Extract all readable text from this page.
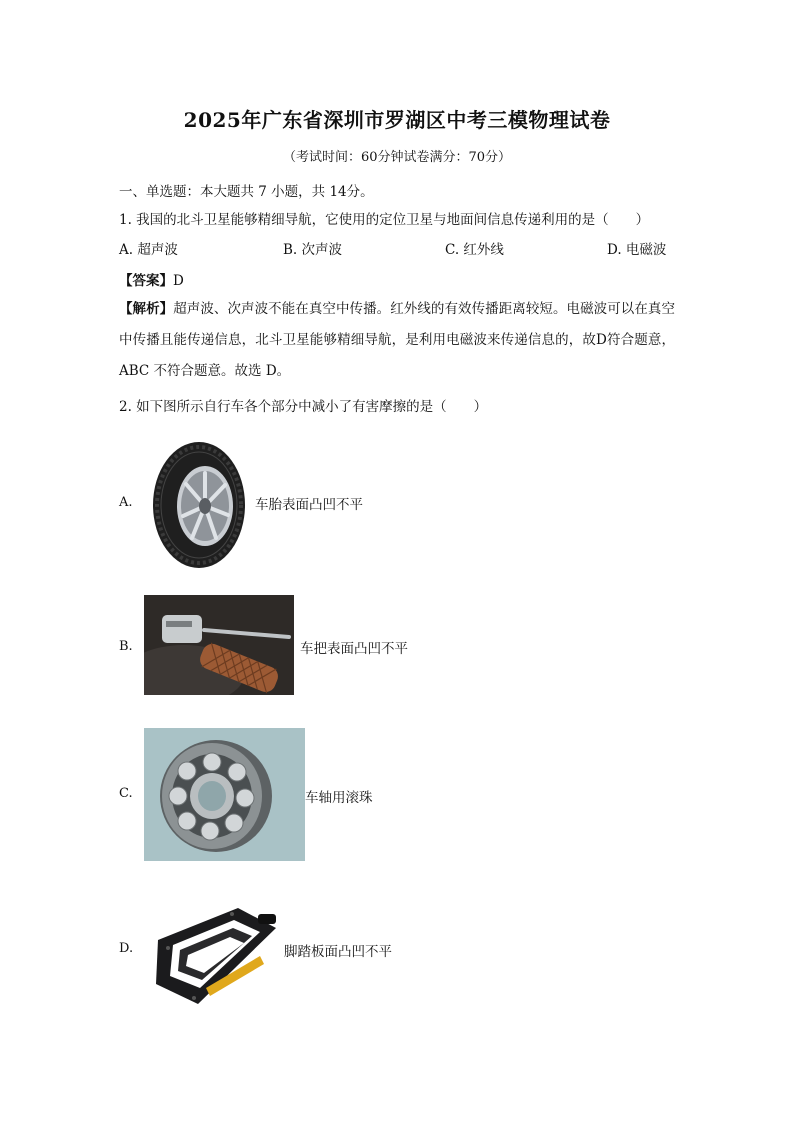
2025年广东省深圳市罗湖区中考三模物理试卷
（考试时间：60分钟试卷满分：70分）
一、单选题：本大题共 7 小题，共 14分。
1. 我国的北斗卫星能够精细导航，它使用的定位卫星与地面间信息传递利用的是（　　）
A. 超声波	B. 次声波	C. 红外线	D. 电磁波
【答案】D
【解析】超声波、次声波不能在真空中传播。红外线的有效传播距离较短。电磁波可以在真空中传播且能传递信息，北斗卫星能够精细导航，是利用电磁波来传递信息的，故D符合题意，ABC 不符合题意。故选 D。
2. 如下图所示自行车各个部分中减小了有害摩擦的是（　　）
A.	车胎表面凸凹不平
B.	车把表面凸凹不平
C.	车轴用滚珠
D.	脚踏板面凸凹不平
